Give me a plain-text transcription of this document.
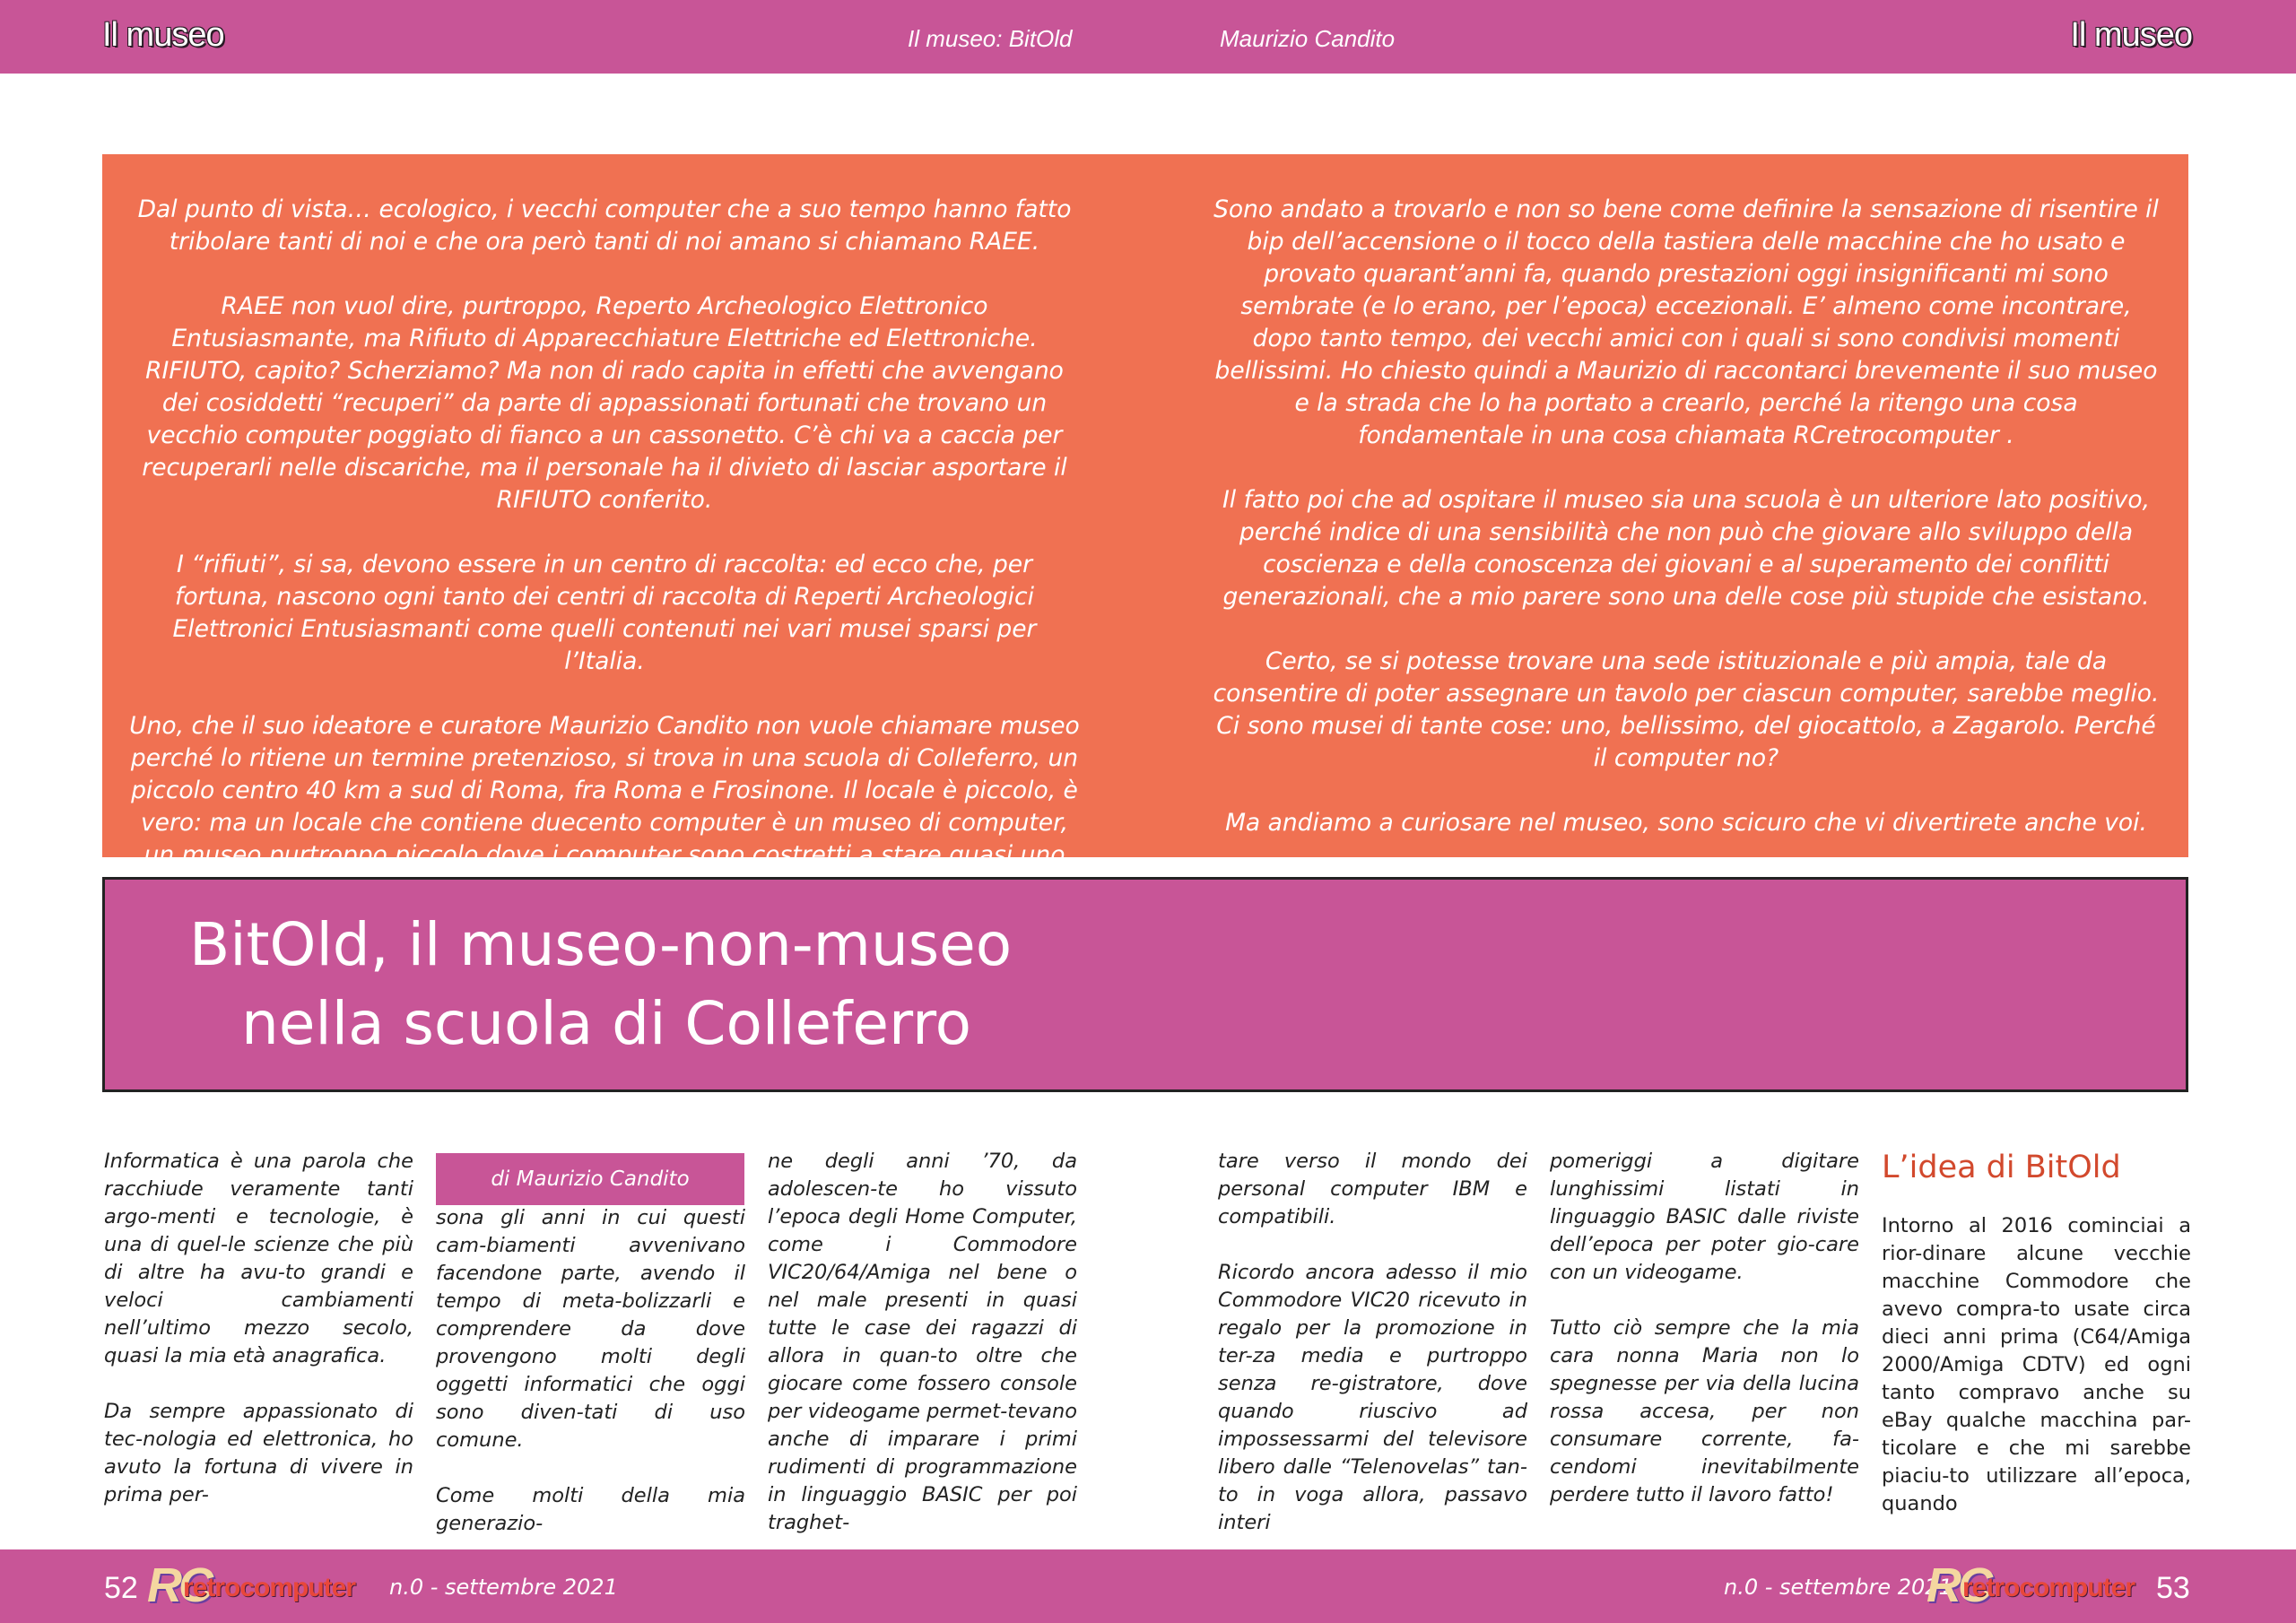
Il museo	Il museo: BitOld	Maurizio Candito	Il museo

Dal punto di vista… ecologico, i vecchi computer che a suo tempo hanno fatto tribolare tanti di noi e che ora però tanti di noi amano si chiamano RAEE.

RAEE non vuol dire, purtroppo, Reperto Archeologico Elettronico Entusiasmante, ma Rifiuto di Apparecchiature Elettriche ed Elettroniche. RIFIUTO, capito? Scherziamo? Ma non di rado capita in effetti che avvengano dei cosiddetti “recuperi” da parte di appassionati fortunati che trovano un vecchio computer poggiato di fianco a un cassonetto. C’è chi va a caccia per recuperarli nelle discariche, ma il personale ha il divieto di lasciar asportare il RIFIUTO conferito.

I “rifiuti”, si sa, devono essere in un centro di raccolta: ed ecco che, per fortuna, nascono ogni tanto dei centri di raccolta di Reperti Archeologici Elettronici Entusiasmanti come quelli contenuti nei vari musei sparsi per l’Italia.

Uno, che il suo ideatore e curatore Maurizio Candito non vuole chiamare museo perché lo ritiene un termine pretenzioso, si trova in una scuola di Colleferro, un piccolo centro 40 km a sud di Roma, fra Roma e Frosinone. Il locale è piccolo, è vero: ma un locale che contiene duecento computer è un museo di computer, un museo purtroppo piccolo dove i computer sono costretti a stare quasi uno

Sono andato a trovarlo e non so bene come definire la sensazione di risentire il bip dell’accensione o il tocco della tastiera delle macchine che ho usato e provato quarant’anni fa, quando prestazioni oggi insignificanti mi sono sembrate (e lo erano, per l’epoca) eccezionali. E’ almeno come incontrare, dopo tanto tempo, dei vecchi amici con i quali si sono condivisi momenti bellissimi. Ho chiesto quindi a Maurizio di raccontarci brevemente il suo museo e la strada che lo ha portato a crearlo, perché la ritengo una cosa fondamentale in una cosa chiamata RCretrocomputer .

Il fatto poi che ad ospitare il museo sia una scuola è un ulteriore lato positivo, perché indice di una sensibilità che non può che giovare allo sviluppo della coscienza e della conoscenza dei giovani e al superamento dei conflitti generazionali, che a mio parere sono una delle cose più stupide che esistano.

Certo, se si potesse trovare una sede istituzionale e più ampia, tale da consentire di poter assegnare un tavolo per ciascun computer, sarebbe meglio. Ci sono musei di tante cose: uno, bellissimo, del giocattolo, a Zagarolo. Perché il computer no?

Ma andiamo a curiosare nel museo, sono scicuro che vi divertirete anche voi.

BitOld, il museo-non-museo
nella scuola di Colleferro

Informatica è una parola che racchiude veramente tanti argo-menti e tecnologie, è una di quel-le scienze che più di altre ha avu-to grandi e veloci cambiamenti nell’ultimo mezzo secolo, quasi la mia età anagrafica.

Da sempre appassionato di tec-nologia ed elettronica, ho avuto la fortuna di vivere in prima per-

di Maurizio Candito

sona gli anni in cui questi cam-biamenti avvenivano facendone parte, avendo il tempo di meta-bolizzarli e comprendere da dove provengono molti degli oggetti informatici che oggi sono diven-tati di uso comune.

Come molti della mia generazio-

ne degli anni ’70, da adolescen-te ho vissuto l’epoca degli Home Computer, come i Commodore VIC20/64/Amiga nel bene o nel male presenti in quasi tutte le case dei ragazzi di allora in quan-to oltre che giocare come fossero console per videogame permet-tevano anche di imparare i primi rudimenti di programmazione in linguaggio BASIC per poi traghet-

tare verso il mondo dei personal computer IBM e compatibili.

Ricordo ancora adesso il mio Commodore VIC20 ricevuto in regalo per la promozione in ter-za media e purtroppo senza re-gistratore, dove quando riuscivo ad impossessarmi del televisore libero dalle “Telenovelas” tan-to in voga allora, passavo interi

pomeriggi a digitare lunghissimi listati in linguaggio BASIC dalle riviste dell’epoca per poter gio-care con un videogame.

Tutto ciò sempre che la mia cara nonna Maria non lo spegnesse per via della lucina rossa accesa, per non consumare corrente, fa-cendomi inevitabilmente perdere tutto il lavoro fatto!

L’idea di BitOld

Intorno al 2016 cominciai a rior-dinare alcune vecchie macchine Commodore che avevo compra-to usate circa dieci anni prima (C64/Amiga 2000/Amiga CDTV) ed ogni tanto compravo anche su eBay qualche macchina par-ticolare e che mi sarebbe piaciu-to utilizzare all’epoca, quando

52 RC
retrocomputer n.0 - settembre 2021	n.0 - settembre 2021
RC
retrocomputer 53
